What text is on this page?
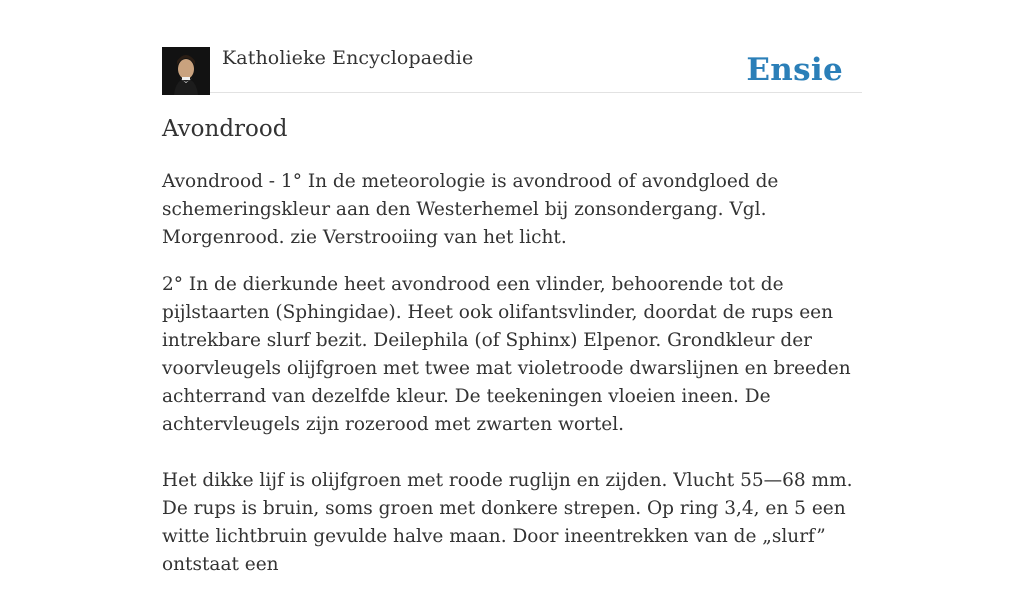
Katholieke Encyclopaedie	Ensie
Avondrood

Avondrood - 1° In de meteorologie is avondrood of avondgloed de schemeringskleur aan den Westerhemel bij zonsondergang. Vgl. Morgenrood. zie Verstrooiing van het licht.

2° In de dierkunde heet avondrood een vlinder, behoorende tot de pijlstaarten (Sphingidae). Heet ook olifantsvlinder, doordat de rups een intrekbare slurf bezit. Deilephila (of Sphinx) Elpenor. Grondkleur der voorvleugels olijfgroen met twee mat violetroode dwarslijnen en breeden achterrand van dezelfde kleur. De teekeningen vloeien ineen. De achtervleugels zijn rozerood met zwarten wortel.

Het dikke lijf is olijfgroen met roode ruglijn en zijden. Vlucht 55—68 mm. De rups is bruin, soms groen met donkere strepen. Op ring 3,4, en 5 een witte lichtbruin gevulde halve maan. Door ineentrekken van de „slurf” ontstaat een
